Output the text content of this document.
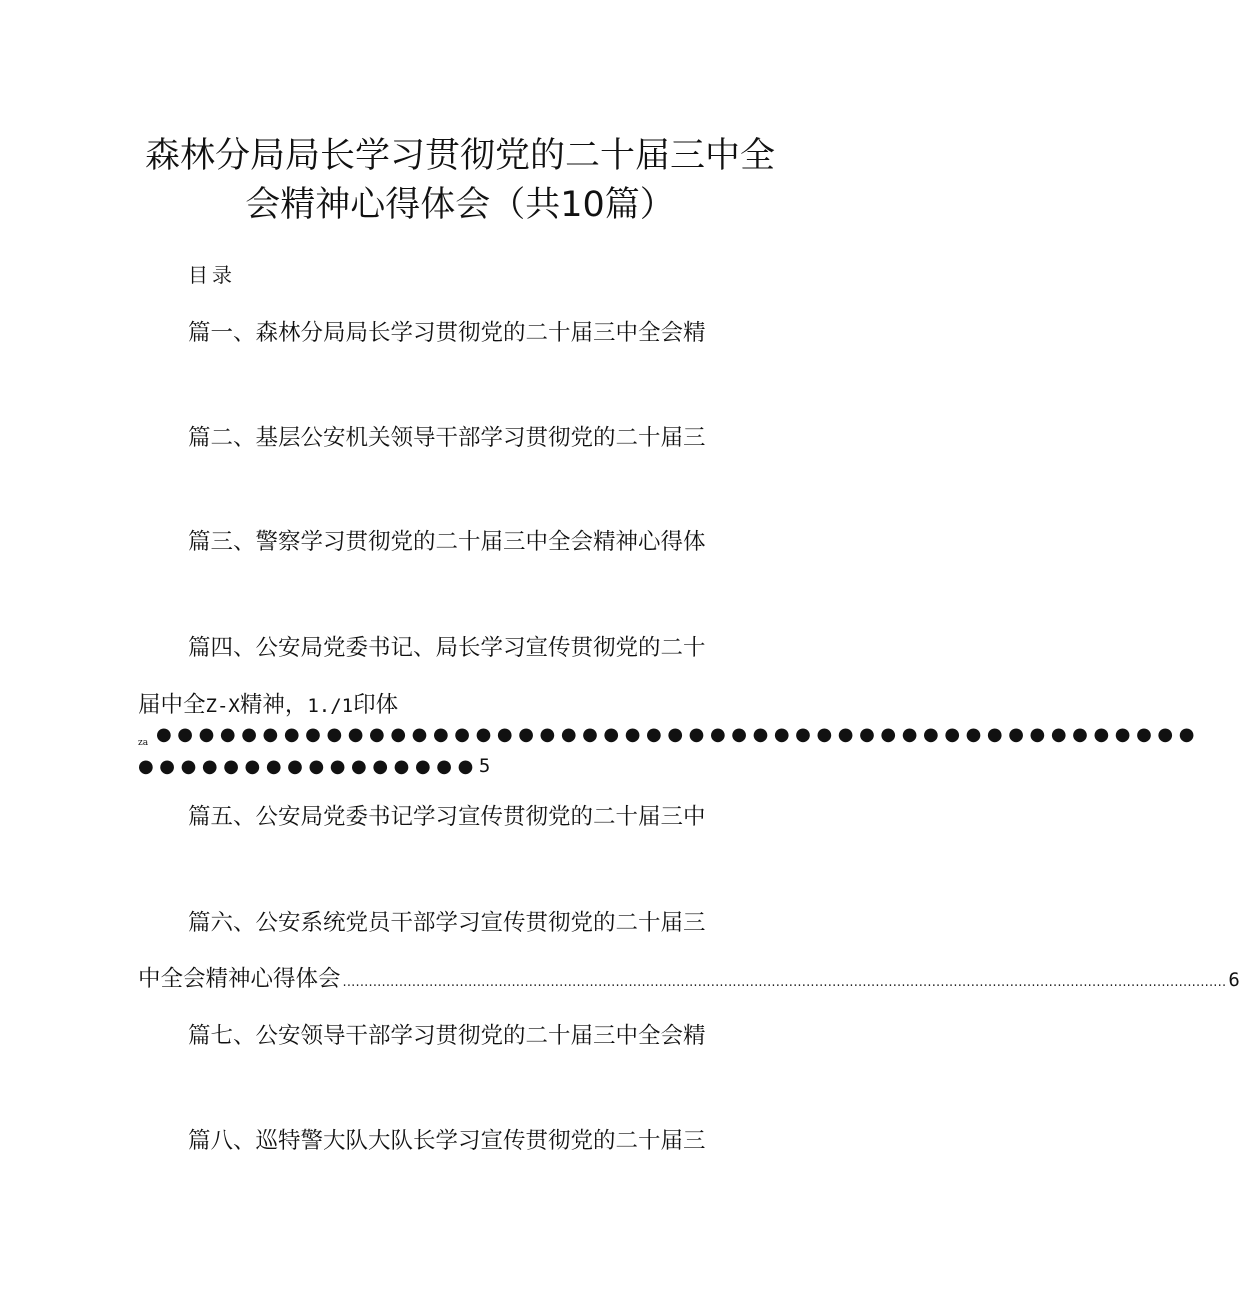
森林分局局长学习贯彻党的二十届三中全
会精神心得体会（共10篇）
目录
篇一、森林分局局长学习贯彻党的二十届三中全会精
篇二、基层公安机关领导干部学习贯彻党的二十届三
篇三、警察学习贯彻党的二十届三中全会精神心得体
篇四、公安局党委书记、局长学习宣传贯彻党的二十
届中全Z-X精神，1./1印体
za ●●●●●●●●●●●●●●●●●●●●●●●●●●●●●●●●●●●●●●●●●●●●●●●●●
●●●●●●●●●●●●●●●●5
篇五、公安局党委书记学习宣传贯彻党的二十届三中
篇六、公安系统党员干部学习宣传贯彻党的二十届三
中全会精神心得体会 ............................................................................................................................................................................................................ 6
篇七、公安领导干部学习贯彻党的二十届三中全会精
篇八、巡特警大队大队长学习宣传贯彻党的二十届三
